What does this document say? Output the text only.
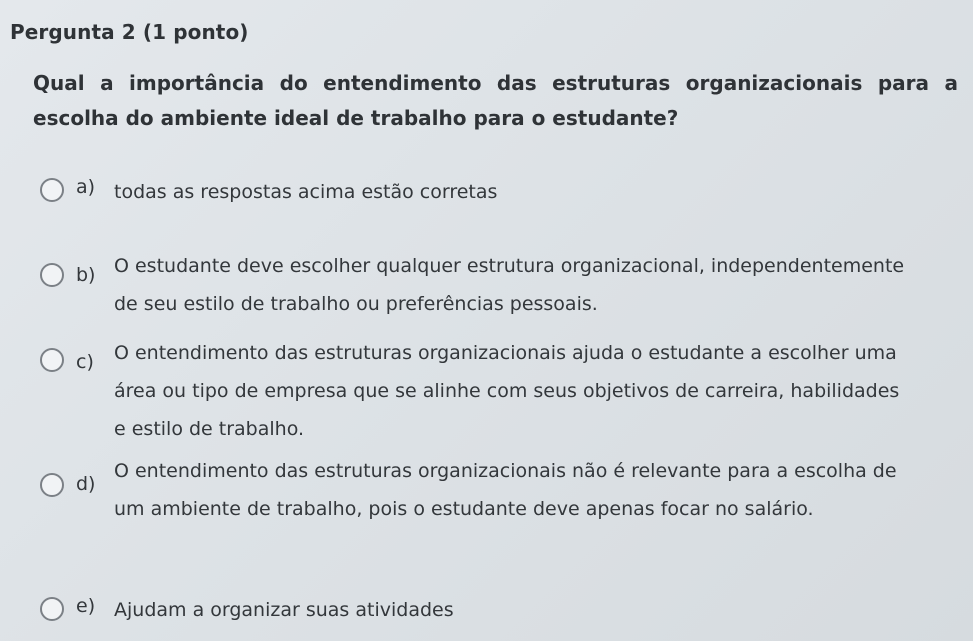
Pergunta 2 (1 ponto)
Qual a importância do entendimento das estruturas organizacionais para a escolha do ambiente ideal de trabalho para o estudante?
a) todas as respostas acima estão corretas
b) O estudante deve escolher qualquer estrutura organizacional, independentemente de seu estilo de trabalho ou preferências pessoais.
c) O entendimento das estruturas organizacionais ajuda o estudante a escolher uma área ou tipo de empresa que se alinhe com seus objetivos de carreira, habilidades e estilo de trabalho.
d)
O entendimento das estruturas organizacionais não é relevante para a escolha de um ambiente de trabalho, pois o estudante deve apenas focar no salário.
e) Ajudam a organizar suas atividades
